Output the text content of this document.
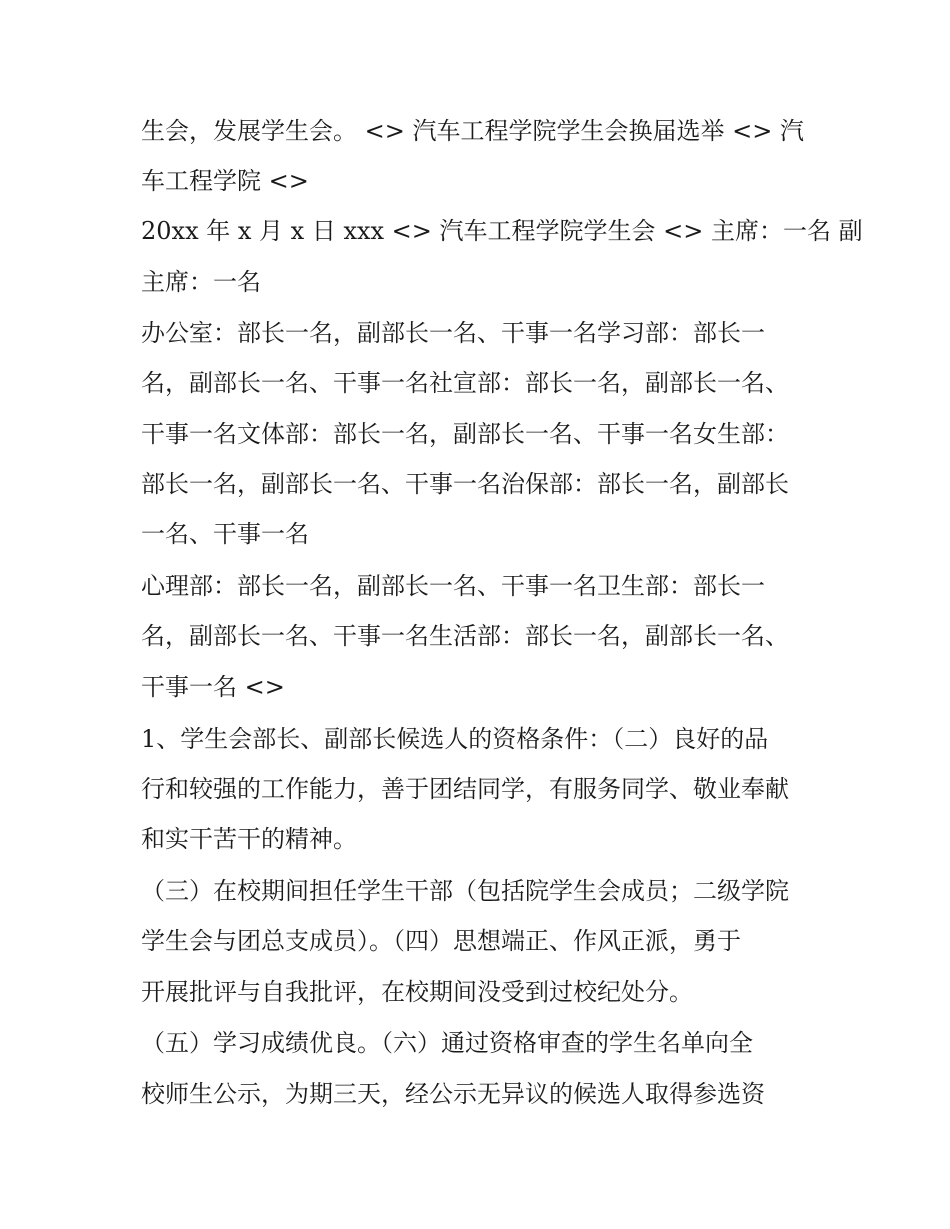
生会，发展学生会。 <> 汽车工程学院学生会换届选举 <> 汽
车工程学院 <>
20xx 年 x 月 x 日 xxx <> 汽车工程学院学生会 <> 主席：一名 副
主席：一名
办公室：部长一名，副部长一名、干事一名学习部：部长一
名，副部长一名、干事一名社宣部：部长一名，副部长一名、
干事一名文体部：部长一名，副部长一名、干事一名女生部：
部长一名，副部长一名、干事一名治保部：部长一名，副部长
一名、干事一名
心理部：部长一名，副部长一名、干事一名卫生部：部长一
名，副部长一名、干事一名生活部：部长一名，副部长一名、
干事一名 <>
1、学生会部长、副部长候选人的资格条件：（二）良好的品
行和较强的工作能力，善于团结同学，有服务同学、敬业奉献
和实干苦干的精神。
（三）在校期间担任学生干部（包括院学生会成员；二级学院
学生会与团总支成员）。（四）思想端正、作风正派，勇于
开展批评与自我批评，在校期间没受到过校纪处分。
（五）学习成绩优良。（六）通过资格审查的学生名单向全
校师生公示，为期三天，经公示无异议的候选人取得参选资
